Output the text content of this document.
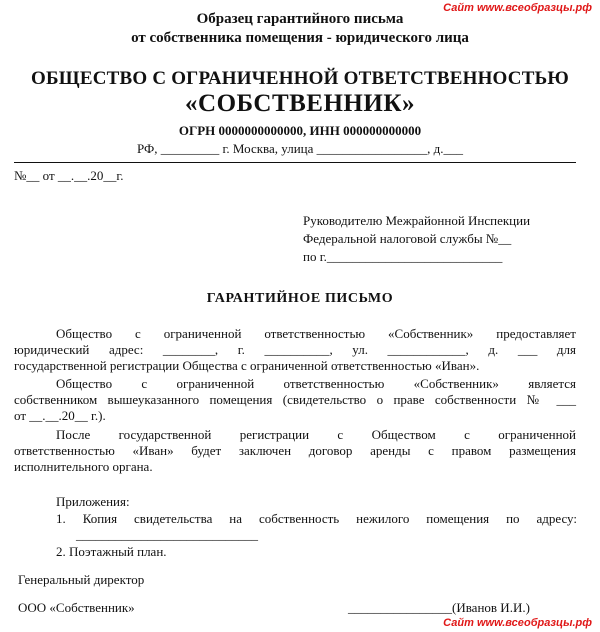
Сайт www.всеобразцы.рф
Сайт www.всеобразцы.рф
Образец гарантийного письма
от собственника помещения - юридического лица
ОБЩЕСТВО С ОГРАНИЧЕННОЙ ОТВЕТСТВЕННОСТЬЮ
«СОБСТВЕННИК»
ОГРН 0000000000000, ИНН 000000000000
РФ, _________ г. Москва, улица _________________, д.___
№__ от __.__.20__г.
Руководителю Межрайонной Инспекции
Федеральной налоговой службы №__
по г.___________________________
ГАРАНТИЙНОЕ ПИСЬМО
Общество с ограниченной ответственностью «Собственник» предоставляет
юридический адрес: ________, г. __________, ул. ____________, д. ___ для
государственной регистрации Общества с ограниченной ответственностью «Иван».
Общество с ограниченной ответственностью «Собственник» является
собственником вышеуказанного помещения (свидетельство о праве собственности № ___
от __.__.20__ г.).
После государственной регистрации с Обществом с ограниченной
ответственностью «Иван» будет заключен договор аренды с правом размещения
исполнительного органа.
Приложения:
1. Копия свидетельства на собственность нежилого помещения по адресу:
____________________________
2. Поэтажный план.
Генеральный директор
ООО «Собственник»	________________(Иванов И.И.)
